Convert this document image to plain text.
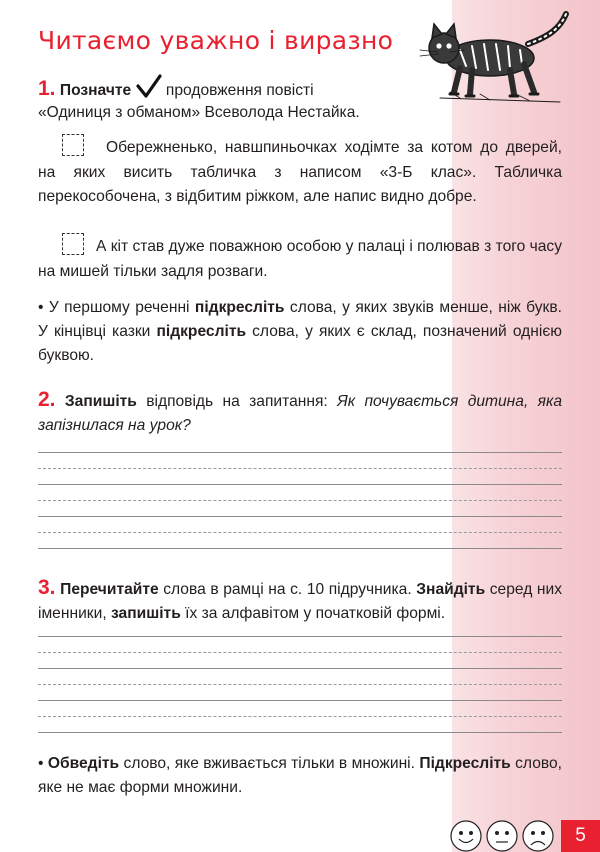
Читаємо уважно і виразно
1. Позначте продовження повісті
«Одиниця з обманом» Всеволода Нестайка.
Обережненько, навшпиньочках ходімте за котом до дверей, на яких висить табличка з написом «3-Б клас». Табличка перекособочена, з відбитим ріжком, але напис видно добре.
А кіт став дуже поважною особою у палаці і полював з того часу на мишей тільки задля розваги.
• У першому реченні підкресліть слова, у яких звуків менше, ніж букв. У кінцівці казки підкресліть слова, у яких є склад, позначений однією буквою.
2. Запишіть відповідь на запитання: Як почувається дитина, яка запізнилася на урок?
3. Перечитайте слова в рамці на с. 10 підручника. Знайдіть серед них іменники, запишіть їх за алфавітом у початковій формі.
• Обведіть слово, яке вживається тільки в множині. Підкресліть слово, яке не має форми множини.
5
